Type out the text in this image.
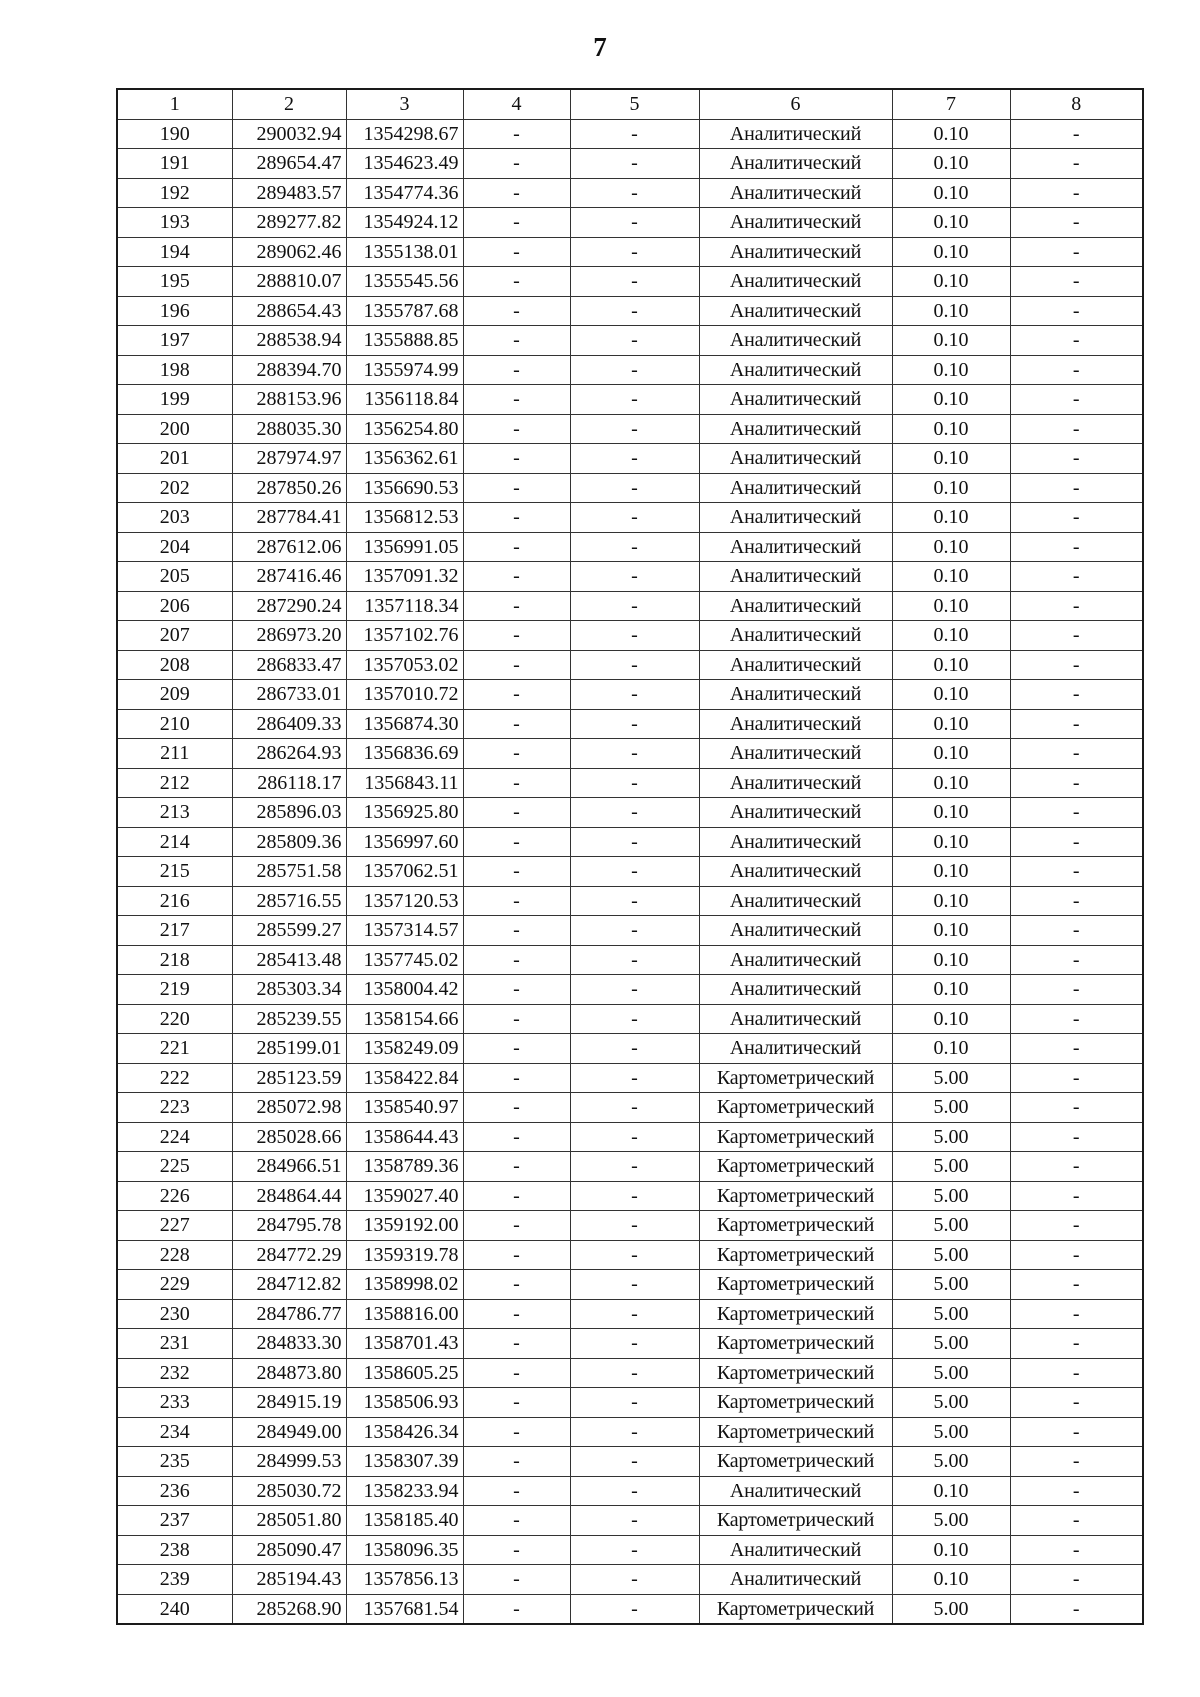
7
1	2	3	4	5	6	7	8
190	290032.94	1354298.67	-	-	Аналитический	0.10	-
191	289654.47	1354623.49	-	-	Аналитический	0.10	-
192	289483.57	1354774.36	-	-	Аналитический	0.10	-
193	289277.82	1354924.12	-	-	Аналитический	0.10	-
194	289062.46	1355138.01	-	-	Аналитический	0.10	-
195	288810.07	1355545.56	-	-	Аналитический	0.10	-
196	288654.43	1355787.68	-	-	Аналитический	0.10	-
197	288538.94	1355888.85	-	-	Аналитический	0.10	-
198	288394.70	1355974.99	-	-	Аналитический	0.10	-
199	288153.96	1356118.84	-	-	Аналитический	0.10	-
200	288035.30	1356254.80	-	-	Аналитический	0.10	-
201	287974.97	1356362.61	-	-	Аналитический	0.10	-
202	287850.26	1356690.53	-	-	Аналитический	0.10	-
203	287784.41	1356812.53	-	-	Аналитический	0.10	-
204	287612.06	1356991.05	-	-	Аналитический	0.10	-
205	287416.46	1357091.32	-	-	Аналитический	0.10	-
206	287290.24	1357118.34	-	-	Аналитический	0.10	-
207	286973.20	1357102.76	-	-	Аналитический	0.10	-
208	286833.47	1357053.02	-	-	Аналитический	0.10	-
209	286733.01	1357010.72	-	-	Аналитический	0.10	-
210	286409.33	1356874.30	-	-	Аналитический	0.10	-
211	286264.93	1356836.69	-	-	Аналитический	0.10	-
212	286118.17	1356843.11	-	-	Аналитический	0.10	-
213	285896.03	1356925.80	-	-	Аналитический	0.10	-
214	285809.36	1356997.60	-	-	Аналитический	0.10	-
215	285751.58	1357062.51	-	-	Аналитический	0.10	-
216	285716.55	1357120.53	-	-	Аналитический	0.10	-
217	285599.27	1357314.57	-	-	Аналитический	0.10	-
218	285413.48	1357745.02	-	-	Аналитический	0.10	-
219	285303.34	1358004.42	-	-	Аналитический	0.10	-
220	285239.55	1358154.66	-	-	Аналитический	0.10	-
221	285199.01	1358249.09	-	-	Аналитический	0.10	-
222	285123.59	1358422.84	-	-	Картометрический	5.00	-
223	285072.98	1358540.97	-	-	Картометрический	5.00	-
224	285028.66	1358644.43	-	-	Картометрический	5.00	-
225	284966.51	1358789.36	-	-	Картометрический	5.00	-
226	284864.44	1359027.40	-	-	Картометрический	5.00	-
227	284795.78	1359192.00	-	-	Картометрический	5.00	-
228	284772.29	1359319.78	-	-	Картометрический	5.00	-
229	284712.82	1358998.02	-	-	Картометрический	5.00	-
230	284786.77	1358816.00	-	-	Картометрический	5.00	-
231	284833.30	1358701.43	-	-	Картометрический	5.00	-
232	284873.80	1358605.25	-	-	Картометрический	5.00	-
233	284915.19	1358506.93	-	-	Картометрический	5.00	-
234	284949.00	1358426.34	-	-	Картометрический	5.00	-
235	284999.53	1358307.39	-	-	Картометрический	5.00	-
236	285030.72	1358233.94	-	-	Аналитический	0.10	-
237	285051.80	1358185.40	-	-	Картометрический	5.00	-
238	285090.47	1358096.35	-	-	Аналитический	0.10	-
239	285194.43	1357856.13	-	-	Аналитический	0.10	-
240	285268.90	1357681.54	-	-	Картометрический	5.00	-
